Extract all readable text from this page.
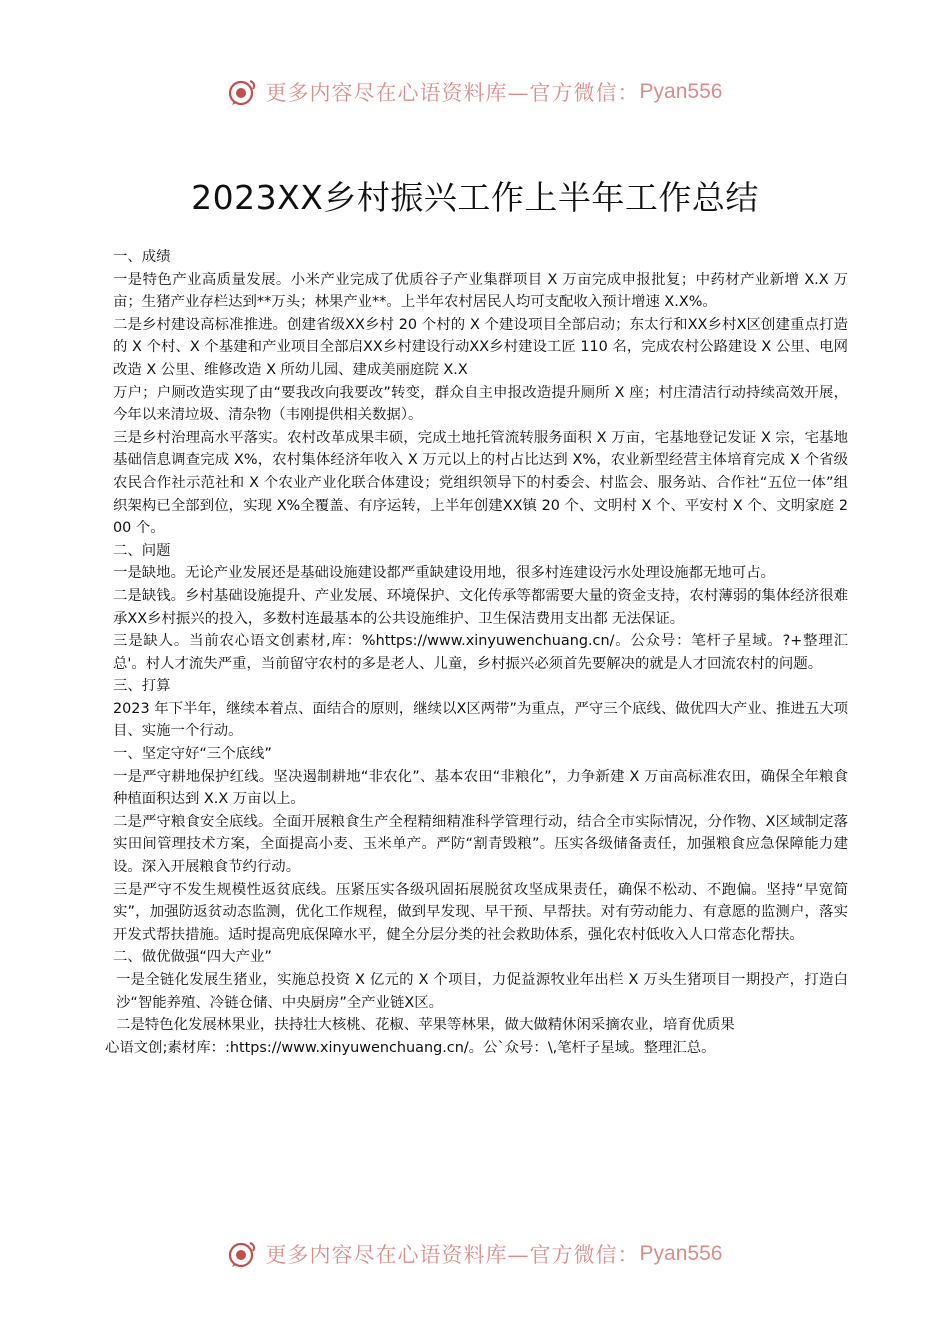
更多内容尽在心语资料库—官方微信： Pyan556
2023XX乡村振兴工作上半年工作总结

一、成绩

一是特色产业高质量发展。小米产业完成了优质谷子产业集群项目 X 万亩完成申报批复；中药材产业新增 X.X 万亩；生猪产业存栏达到**万头；林果产业**。上半年农村居民人均可支配收入预计增速 X.X%。

二是乡村建设高标准推进。创建省级XX乡村 20 个村的 X 个建设项目全部启动；东太行和XX乡村X区创建重点打造的 X 个村、X 个基建和产业项目全部启XX乡村建设行动XX乡村建设工匠 110 名，完成农村公路建设 X 公里、电网改造 X 公里、维修改造 X 所幼儿园、建成美丽庭院 X.X

万户；户厕改造实现了由“要我改向我要改”转变，群众自主申报改造提升厕所 X 座；村庄清洁行动持续高效开展，今年以来清垃圾、清杂物（韦刚提供相关数据）。

三是乡村治理高水平落实。农村改革成果丰硕，完成土地托管流转服务面积 X 万亩，宅基地登记发证 X 宗，宅基地基础信息调查完成 X%，农村集体经济年收入 X 万元以上的村占比达到 X%，农业新型经营主体培育完成 X 个省级农民合作社示范社和 X 个农业产业化联合体建设；党组织领导下的村委会、村监会、服务站、合作社“五位一体”组织架构已全部到位，实现 X%全覆盖、有序运转，上半年创建XX镇 20 个、文明村 X 个、平安村 X 个、文明家庭 200 个。

二、问题

一是缺地。无论产业发展还是基础设施建设都严重缺建设用地，很多村连建设污水处理设施都无地可占。

二是缺钱。乡村基础设施提升、产业发展、环境保护、文化传承等都需要大量的资金支持，农村薄弱的集体经济很难承XX乡村振兴的投入，多数村连最基本的公共设施维护、卫生保洁费用支出都 无法保证。

三是缺人。当前农心语文创素材,库：%https://www.xinyuwenchuang.cn/。公众号：笔杆子星域。?+整理汇总'。村人才流失严重，当前留守农村的多是老人、儿童，乡村振兴必须首先要解决的就是人才回流农村的问题。

三、打算

2023 年下半年，继续本着点、面结合的原则，继续以X区两带”为重点，严守三个底线、做优四大产业、推进五大项目、实施一个行动。

一、坚定守好“三个底线”

一是严守耕地保护红线。坚决遏制耕地“非农化”、基本农田“非粮化”，力争新建 X 万亩高标准农田，确保全年粮食种植面积达到 X.X 万亩以上。

二是严守粮食安全底线。全面开展粮食生产全程精细精准科学管理行动，结合全市实际情况，分作物、X区域制定落实田间管理技术方案，全面提高小麦、玉米单产。严防“割青毁粮”。压实各级储备责任，加强粮食应急保障能力建设。深入开展粮食节约行动。

三是严守不发生规模性返贫底线。压紧压实各级巩固拓展脱贫攻坚成果责任，确保不松动、不跑偏。坚持“早宽简实”，加强防返贫动态监测，优化工作规程，做到早发现、早干预、早帮扶。对有劳动能力、有意愿的监测户，落实开发式帮扶措施。适时提高兜底保障水平，健全分层分类的社会救助体系，强化农村低收入人口常态化帮扶。

二、做优做强“四大产业”

一是全链化发展生猪业，实施总投资 X 亿元的 X 个项目，力促益源牧业年出栏 X 万头生猪项目一期投产，打造白沙“智能养殖、冷链仓储、中央厨房”全产业链X区。

二是特色化发展林果业，扶持壮大核桃、花椒、苹果等林果，做大做精休闲采摘农业，培育优质果

心语文创;素材库：:https://www.xinyuwenchuang.cn/。公`众号：\,笔杆子星域。整理汇总。

更多内容尽在心语资料库—官方微信： Pyan556
